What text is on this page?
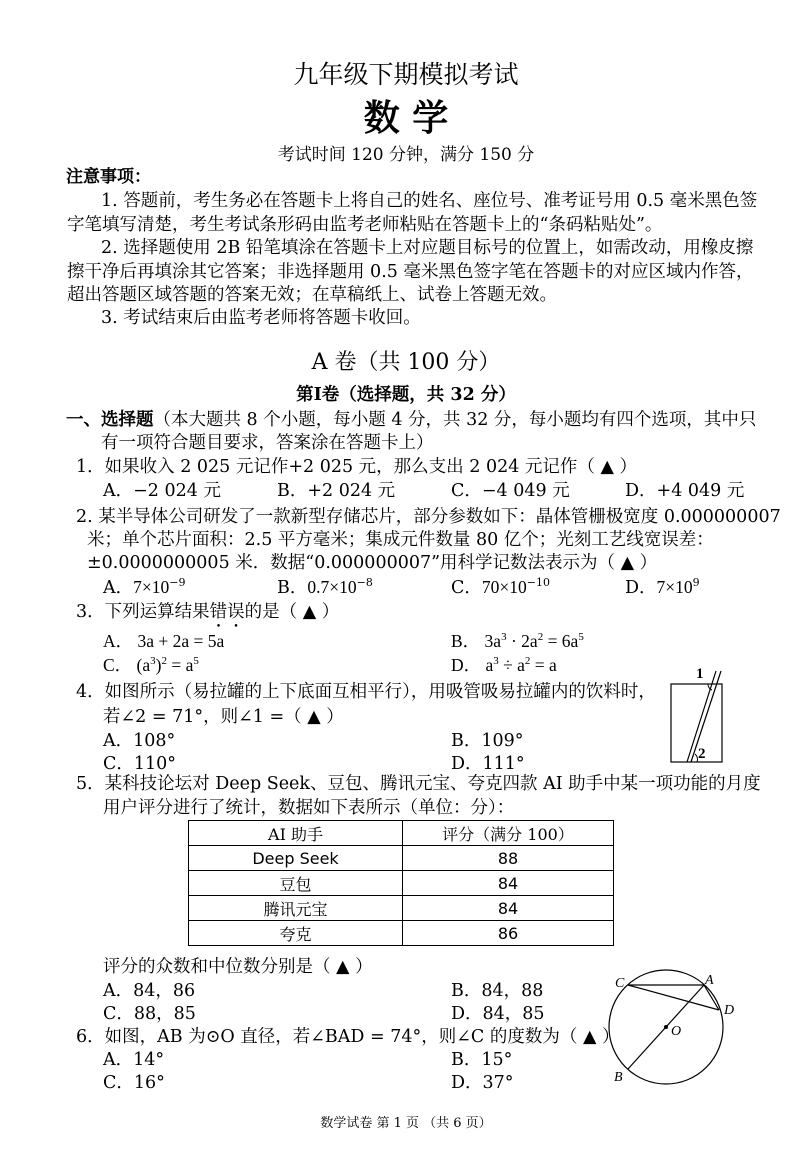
九年级下期模拟考试
数 学
考试时间 120 分钟，满分 150 分
注意事项：
1. 答题前，考生务必在答题卡上将自己的姓名、座位号、准考证号用 0.5 毫米黑色签
字笔填写清楚，考生考试条形码由监考老师粘贴在答题卡上的“条码粘贴处”。
2. 选择题使用 2B 铅笔填涂在答题卡上对应题目标号的位置上，如需改动，用橡皮擦
擦干净后再填涂其它答案；非选择题用 0.5 毫米黑色签字笔在答题卡的对应区域内作答，
超出答题区域答题的答案无效；在草稿纸上、试卷上答题无效。
3. 考试结束后由监考老师将答题卡收回。
A 卷（共 100 分）
第Ⅰ卷（选择题，共 32 分）
一、选择题（本大题共 8 个小题，每小题 4 分，共 32 分，每小题均有四个选项，其中只
有一项符合题目要求，答案涂在答题卡上）
1．如果收入 2 025 元记作+2 025 元，那么支出 2 024 元记作（ ▲ ）
A．−2 024 元	B．+2 024 元	C．−4 049 元	D．+4 049 元
2. 某半导体公司研发了一款新型存储芯片，部分参数如下：晶体管栅极宽度 0.000000007
米；单个芯片面积：2.5 平方毫米；集成元件数量 80 亿个；光刻工艺线宽误差：
±0.0000000005 米．数据“0.000000007”用科学记数法表示为（ ▲ ）
A．$7\times 10^{-9}$	B．$0.7\times 10^{-8}$	C．$70\times 10^{-10}$	D．$7\times 10^9$
3．下列运算结果错误的是（ ▲ ）
A． 3a + 2a = 5a	B． $3a^3 \cdot 2a^2 = 6a^5$
C． $(a^3)^2 = a^5$	D． $a^3 \div a^2 = a$
4．如图所示（易拉罐的上下底面互相平行），用吸管吸易拉罐内的饮料时，
若∠2 = 71°，则∠1 =（ ▲ ）
A．108°	B．109°
C．110°	D．111°
1
2
5．某科技论坛对 Deep Seek、豆包、腾讯元宝、夸克四款 AI 助手中某一项功能的月度
用户评分进行了统计，数据如下表所示（单位：分）：
AI 助手	评分（满分 100）
Deep Seek	88
豆包	84
腾讯元宝	84
夸克	86
评分的众数和中位数分别是（ ▲ ）
A．84，86	B．84，88
C．88，85	D．84，85
6．如图，AB 为⊙O 直径，若∠BAD = 74°，则∠C 的度数为（ ▲ ）
A．14°	B．15°
C．16°	D．37°
C	A
D
O
B
数学试卷 第 1 页 （共 6 页）
